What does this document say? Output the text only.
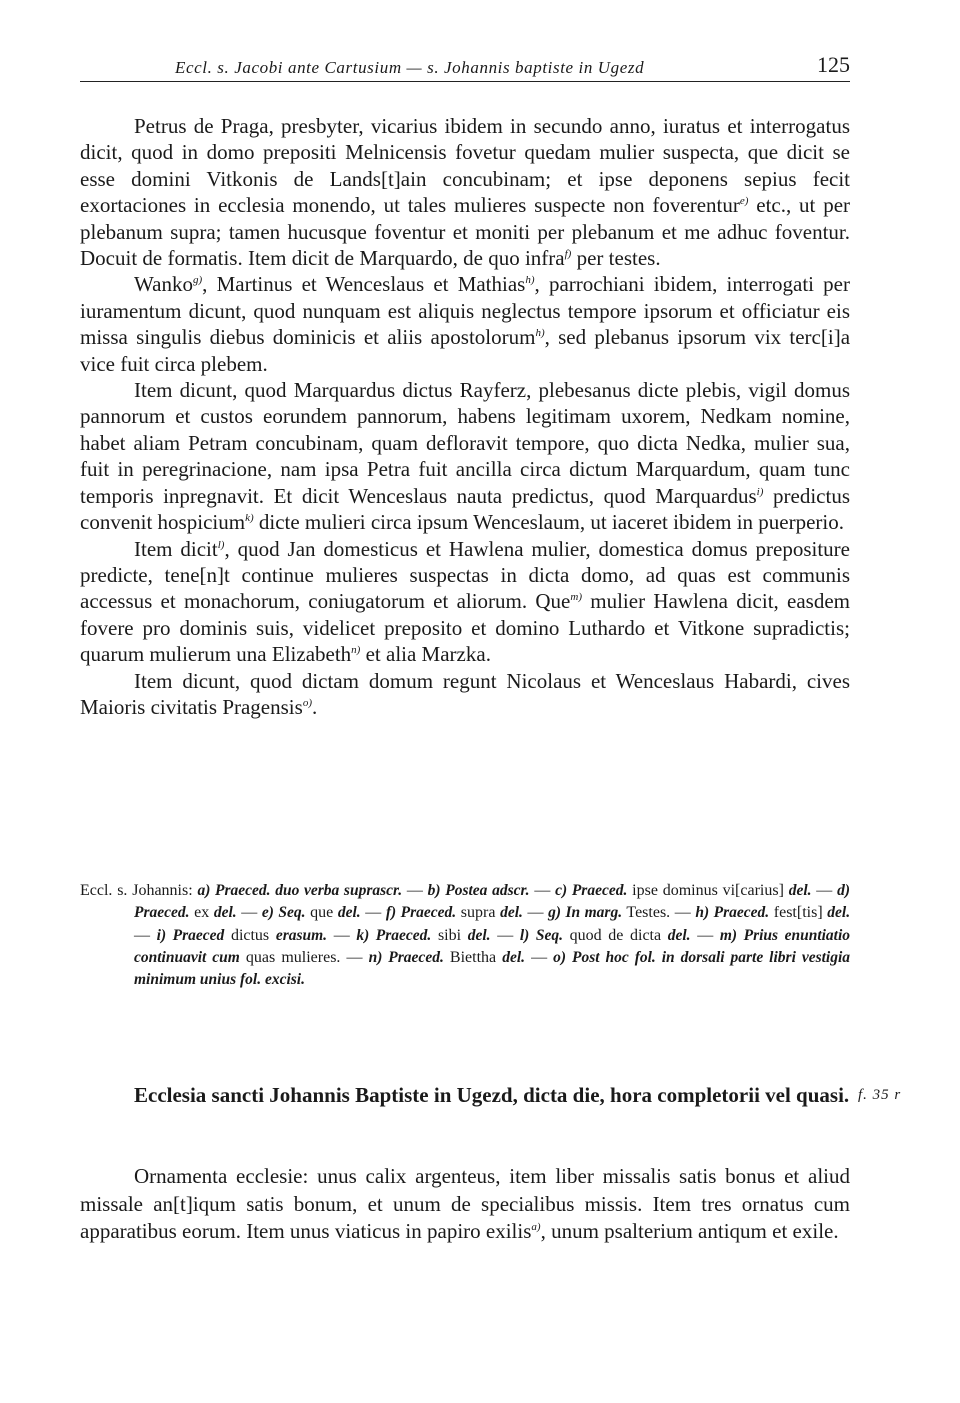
Eccl. s. Jacobi ante Cartusium — s. Johannis baptiste in Ugezd	125

Petrus de Praga, presbyter, vicarius ibidem in secundo anno, iuratus et interrogatus dicit, quod in domo prepositi Melnicensis fovetur quedam mulier suspecta, que dicit se esse domini Vitkonis de Lands[t]ain concubinam; et ipse deponens sepius fecit exortaciones in ecclesia monendo, ut tales mulieres suspecte non foverentur$^{e)}$ etc., ut per plebanum supra; tamen hucusque foventur et moniti per plebanum et me adhuc foventur. Docuit de formatis. Item dicit de Marquardo, de quo infra$^{f)}$ per testes.

Wanko$^{g)}$, Martinus et Wenceslaus et Mathias$^{h)}$, parrochiani ibidem, interrogati per iuramentum dicunt, quod nunquam est aliquis neglectus tempore ipsorum et officiatur eis missa singulis diebus dominicis et aliis apostolorum$^{h)}$, sed plebanus ipsorum vix terc[i]a vice fuit circa plebem.

Item dicunt, quod Marquardus dictus Rayferz, plebesanus dicte plebis, vigil domus pannorum et custos eorundem pannorum, habens legitimam uxorem, Nedkam nomine, habet aliam Petram concubinam, quam defloravit tempore, quo dicta Nedka, mulier sua, fuit in peregrinacione, nam ipsa Petra fuit ancilla circa dictum Marquardum, quam tunc temporis inpregnavit. Et dicit Wenceslaus nauta predictus, quod Marquardus$^{i)}$ predictus convenit hospicium$^{k)}$ dicte mulieri circa ipsum Wenceslaum, ut iaceret ibidem in puerperio.

Item dicit$^{l)}$, quod Jan domesticus et Hawlena mulier, domestica domus prepositure predicte, tene[n]t continue mulieres suspectas in dicta domo, ad quas est communis accessus et monachorum, coniugatorum et aliorum. Que$^{m)}$ mulier Hawlena dicit, easdem fovere pro dominis suis, videlicet preposito et domino Luthardo et Vitkone supradictis; quarum mulierum una Elizabeth$^{n)}$ et alia Marzka.

Item dicunt, quod dictam domum regunt Nicolaus et Wenceslaus Habardi, cives Maioris civitatis Pragensis$^{o)}$.

Eccl. s. Johannis: a) Praeced. duo verba suprascr. — b) Postea adscr. — c) Praeced. ipse dominus vi[carius] del. — d) Praeced. ex del. — e) Seq. que del. — f) Praeced. supra del. — g) In marg. Testes. — h) Praeced. fest[tis] del. — i) Praeced dictus erasum. — k) Praeced. sibi del. — l) Seq. quod de dicta del. — m) Prius enuntiatio continuavit cum quas mulieres. — n) Praeced. Biettha del. — o) Post hoc fol. in dorsali parte libri vestigia minimum unius fol. excisi.
Ecclesia sancti Johannis Baptiste in Ugezd, dicta die, hora completorii vel quasi. f. 35 r

Ornamenta ecclesie: unus calix argenteus, item liber missalis satis bonus et aliud missale an[t]iqum satis bonum, et unum de specialibus missis. Item tres ornatus cum apparatibus eorum. Item unus viaticus in papiro exilis$^{a)}$, unum psalterium antiqum et exile.
